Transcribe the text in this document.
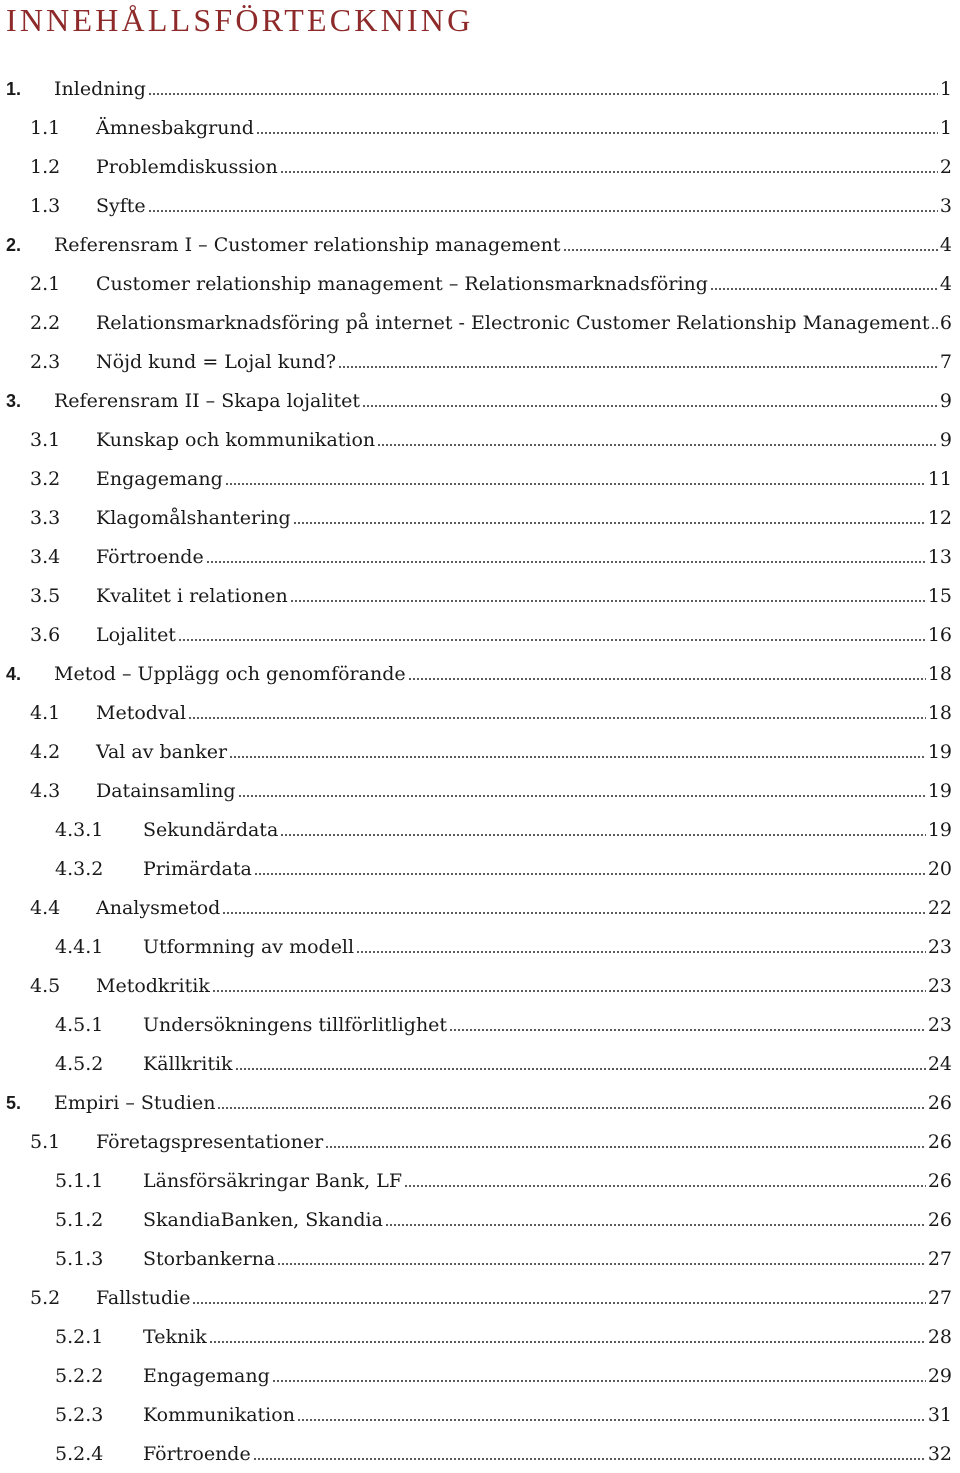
INNEHÅLLSFÖRTECKNING
1.	Inledning	1
1.1	Ämnesbakgrund	1
1.2	Problemdiskussion	2
1.3	Syfte	3
2.	Referensram I – Customer relationship management	4
2.1	Customer relationship management – Relationsmarknadsföring	4
2.2	Relationsmarknadsföring på internet - Electronic Customer Relationship Management 6
2.3	Nöjd kund = Lojal kund?	7
3.	Referensram II – Skapa lojalitet	9
3.1	Kunskap och kommunikation	9
3.2	Engagemang	11
3.3	Klagomålshantering	12
3.4	Förtroende	13
3.5	Kvalitet i relationen	15
3.6	Lojalitet	16
4.	Metod – Upplägg och genomförande	18
4.1	Metodval	18
4.2	Val av banker	19
4.3	Datainsamling	19
4.3.1	Sekundärdata	19
4.3.2	Primärdata	20
4.4	Analysmetod	22
4.4.1	Utformning av modell	23
4.5	Metodkritik	23
4.5.1	Undersökningens tillförlitlighet	23
4.5.2	Källkritik	24
5.	Empiri – Studien	26
5.1	Företagspresentationer	26
5.1.1	Länsförsäkringar Bank, LF	26
5.1.2	SkandiaBanken, Skandia	26
5.1.3	Storbankerna	27
5.2	Fallstudie	27
5.2.1	Teknik	28
5.2.2	Engagemang	29
5.2.3	Kommunikation	31
5.2.4	Förtroende	32
